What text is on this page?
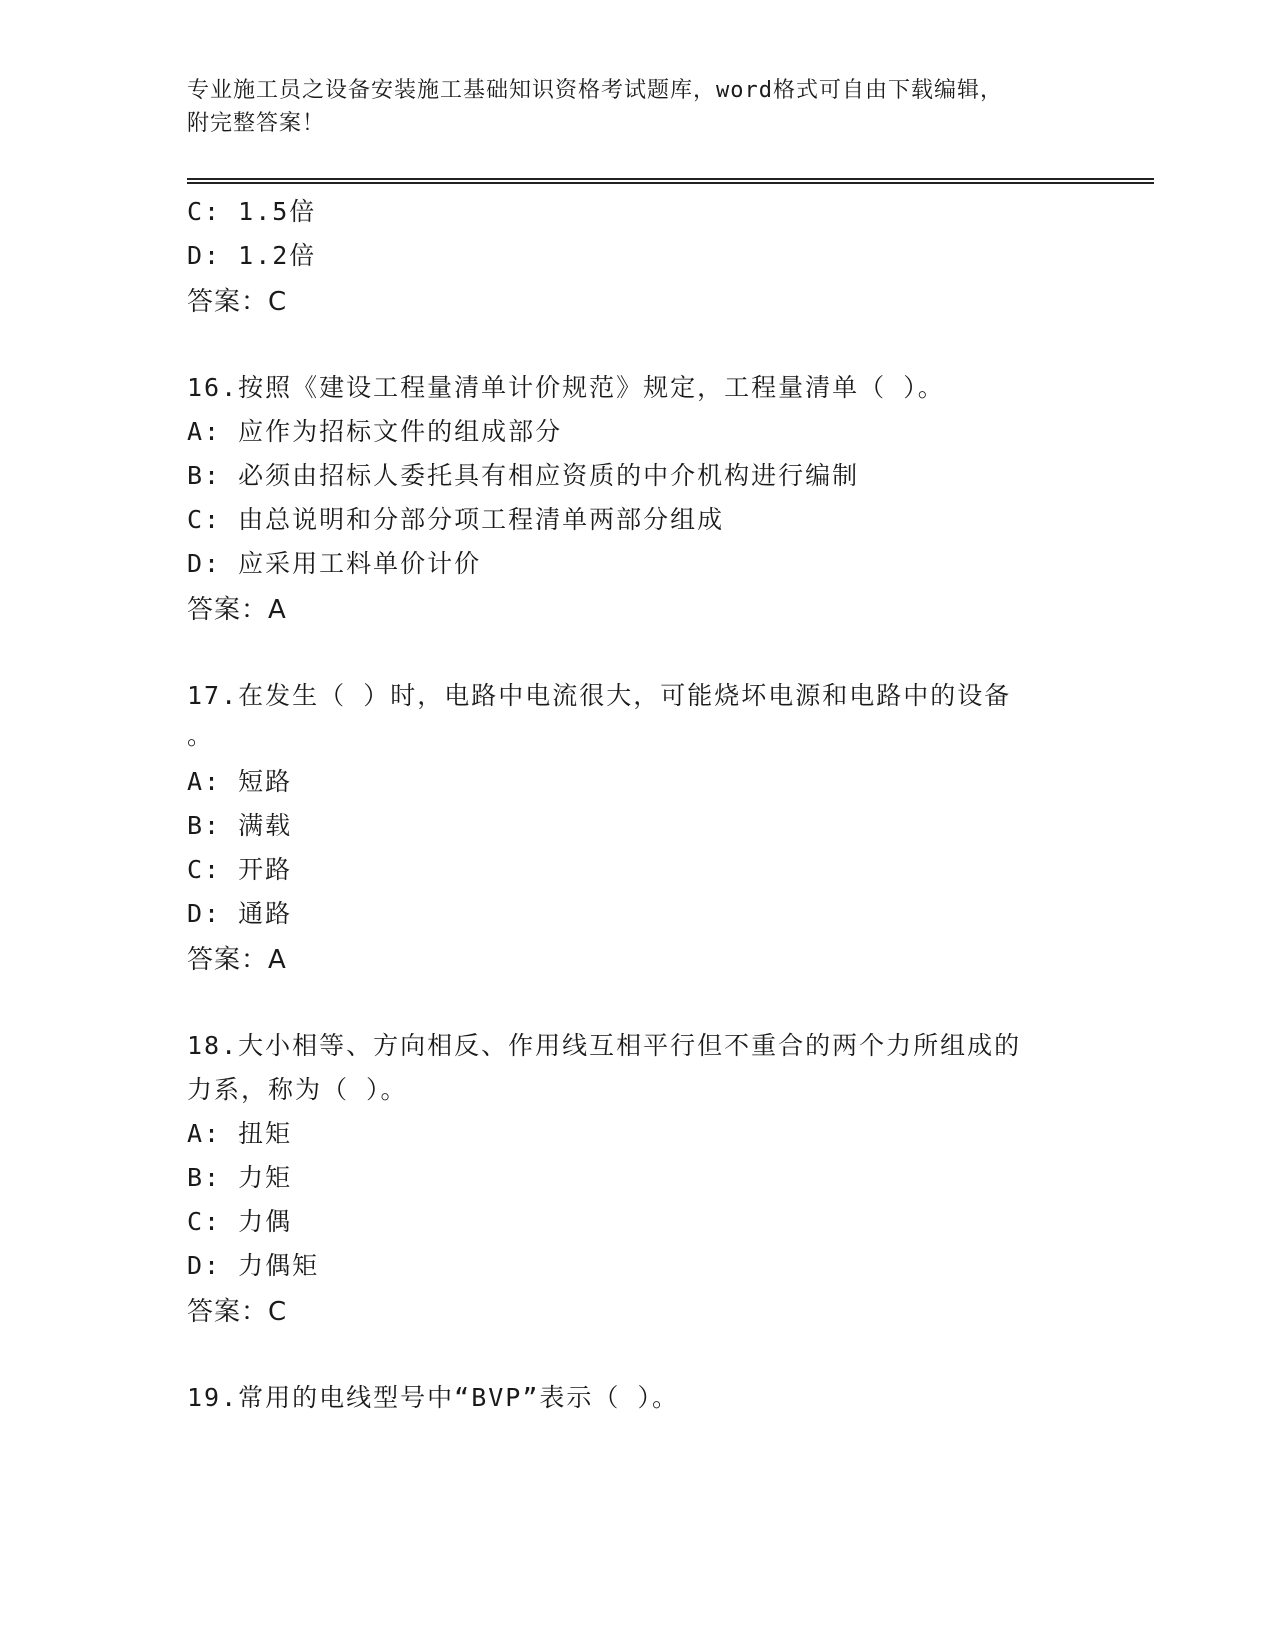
专业施工员之设备安装施工基础知识资格考试题库，word格式可自由下载编辑，
附完整答案！
C: 1.5倍
D: 1.2倍
答案：C
16.按照《建设工程量清单计价规范》规定，工程量清单（ ）。
A: 应作为招标文件的组成部分
B: 必须由招标人委托具有相应资质的中介机构进行编制
C: 由总说明和分部分项工程清单两部分组成
D: 应采用工料单价计价
答案：A
17.在发生（ ）时，电路中电流很大，可能烧坏电源和电路中的设备
。
A: 短路
B: 满载
C: 开路
D: 通路
答案：A
18.大小相等、方向相反、作用线互相平行但不重合的两个力所组成的
力系，称为（ ）。
A: 扭矩
B: 力矩
C: 力偶
D: 力偶矩
答案：C
19.常用的电线型号中“BVP”表示（ ）。
